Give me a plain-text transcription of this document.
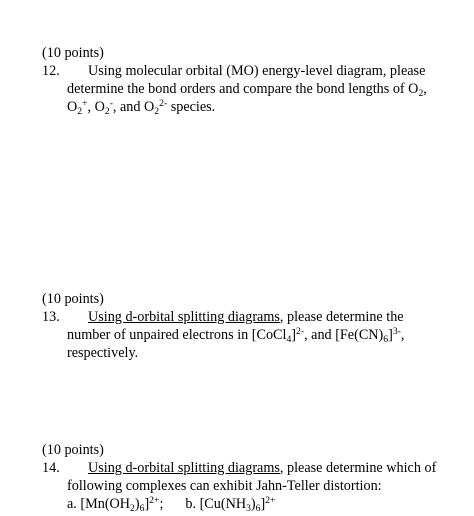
(10 points)
12. Using molecular orbital (MO) energy-level diagram, please
determine the bond orders and compare the bond lengths of $O_2$,
$O_2^+$, $O_2^-$, and $O_2^{2-}$ species.
(10 points)
13. Using d-orbital splitting diagrams, please determine the
number of unpaired electrons in [CoCl$_4$]$^{2-}$, and $[Fe(CN)_6]^{3-}$,
respectively.
(10 points)
14. Using d-orbital splitting diagrams, please determine which of
following complexes can exhibit Jahn-Teller distortion:
a. $[Mn(OH_2)_6]^{2+}$; b. $[Cu(NH_3)_6]^{2+}$
